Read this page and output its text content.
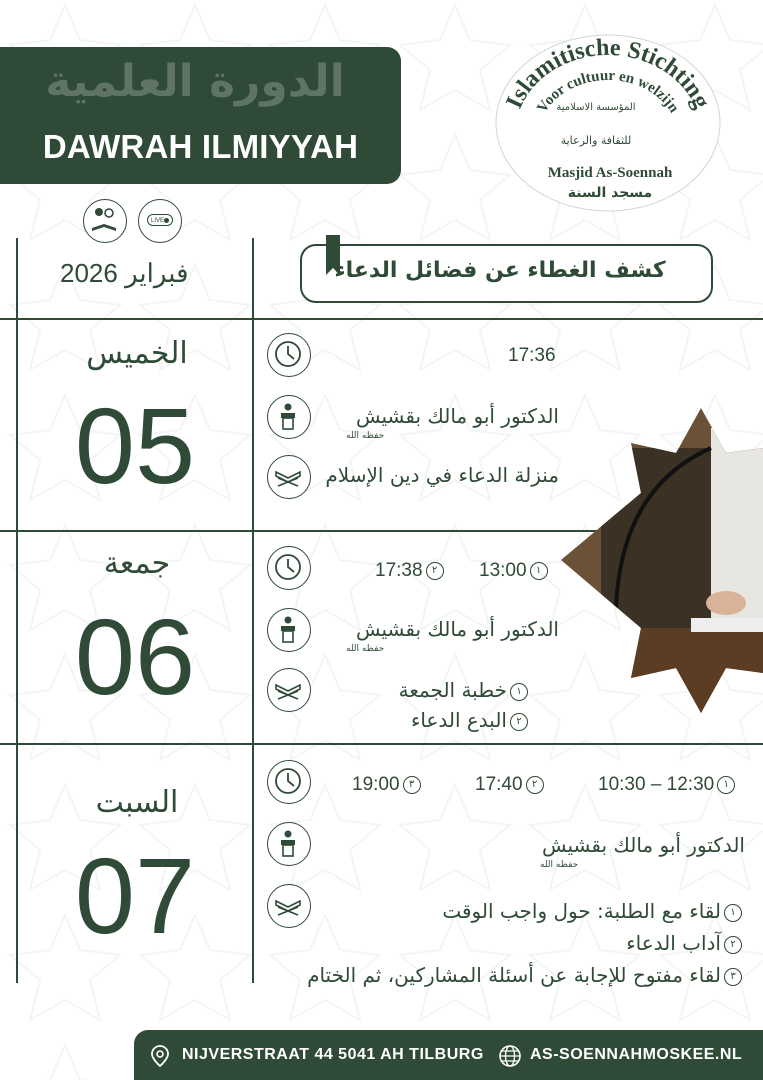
الدورة العلمية
DAWRAH ILMIYYAH
Islamitische Stichting
Voor cultuur en welzijn
المؤسسة الاسلامية
للثقافة والرعاية
Masjid As-Soennah
مسجد السنة
LIVE
فبراير 2026	كشف الغطاء عن فضائل الدعاء
الخميس
05
17:36
الدكتور أبو مالك بقشيش
حفظه الله
منزلة الدعاء في دين الإسلام
جمعة
06
17:38 ٢	13:00 ١
الدكتور أبو مالك بقشيش
حفظه الله
١خطبة الجمعة
٢البدع الدعاء
السبت
07
19:00 ٣	17:40 ٢	10:30 – 12:30 ١
الدكتور أبو مالك بقشيش
حفظه الله
١لقاء مع الطلبة: حول واجب الوقت
٢آداب الدعاء
٣لقاء مفتوح للإجابة عن أسئلة المشاركين، ثم الختام
NIJVERSTRAAT 44 5041 AH TILBURG	AS-SOENNAHMOSKEE.NL
